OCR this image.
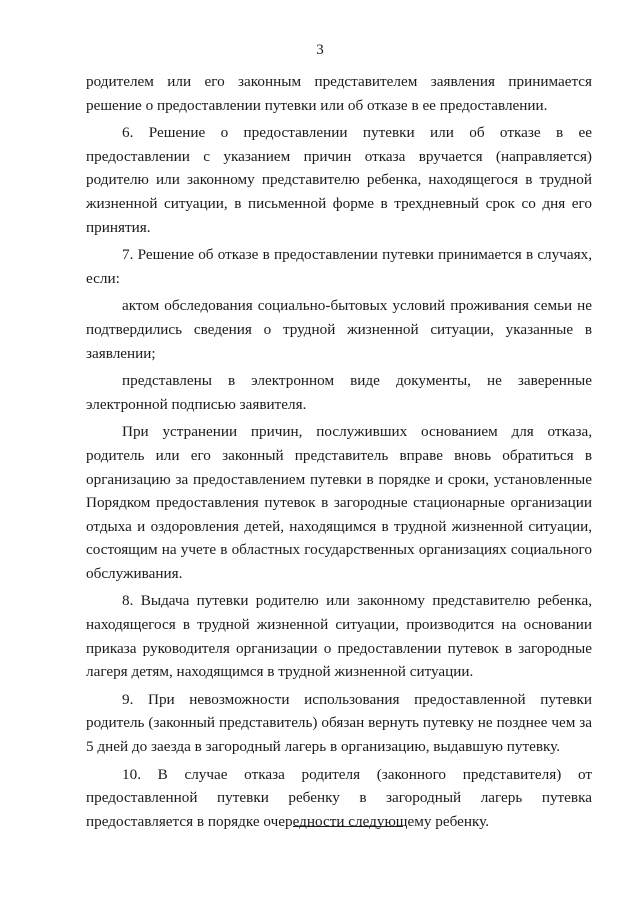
3

родителем или его законным представителем заявления принимается решение о предоставлении путевки или об отказе в ее предоставлении.

6. Решение о предоставлении путевки или об отказе в ее предоставлении с указанием причин отказа вручается (направляется) родителю или законному представителю ребенка, находящегося в трудной жизненной ситуации, в письменной форме в трехдневный срок со дня его принятия.

7. Решение об отказе в предоставлении путевки принимается в случаях, если:

актом обследования социально-бытовых условий проживания семьи не подтвердились сведения о трудной жизненной ситуации, указанные в заявлении;

представлены в электронном виде документы, не заверенные электронной подписью заявителя.

При устранении причин, послуживших основанием для отказа, родитель или его законный представитель вправе вновь обратиться в организацию за предоставлением путевки в порядке и сроки, установленные Порядком предоставления путевок в загородные стационарные организации отдыха и оздоровления детей, находящимся в трудной жизненной ситуации, состоящим на учете в областных государственных организациях социального обслуживания.

8. Выдача путевки родителю или законному представителю ребенка, находящегося в трудной жизненной ситуации, производится на основании приказа руководителя организации о предоставлении путевок в загородные лагеря детям, находящимся в трудной жизненной ситуации.

9. При невозможности использования предоставленной путевки родитель (законный представитель) обязан вернуть путевку не позднее чем за 5 дней до заезда в загородный лагерь в организацию, выдавшую путевку.

10. В случае отказа родителя (законного представителя) от предоставленной путевки ребенку в загородный лагерь путевка предоставляется в порядке очередности следующему ребенку.
